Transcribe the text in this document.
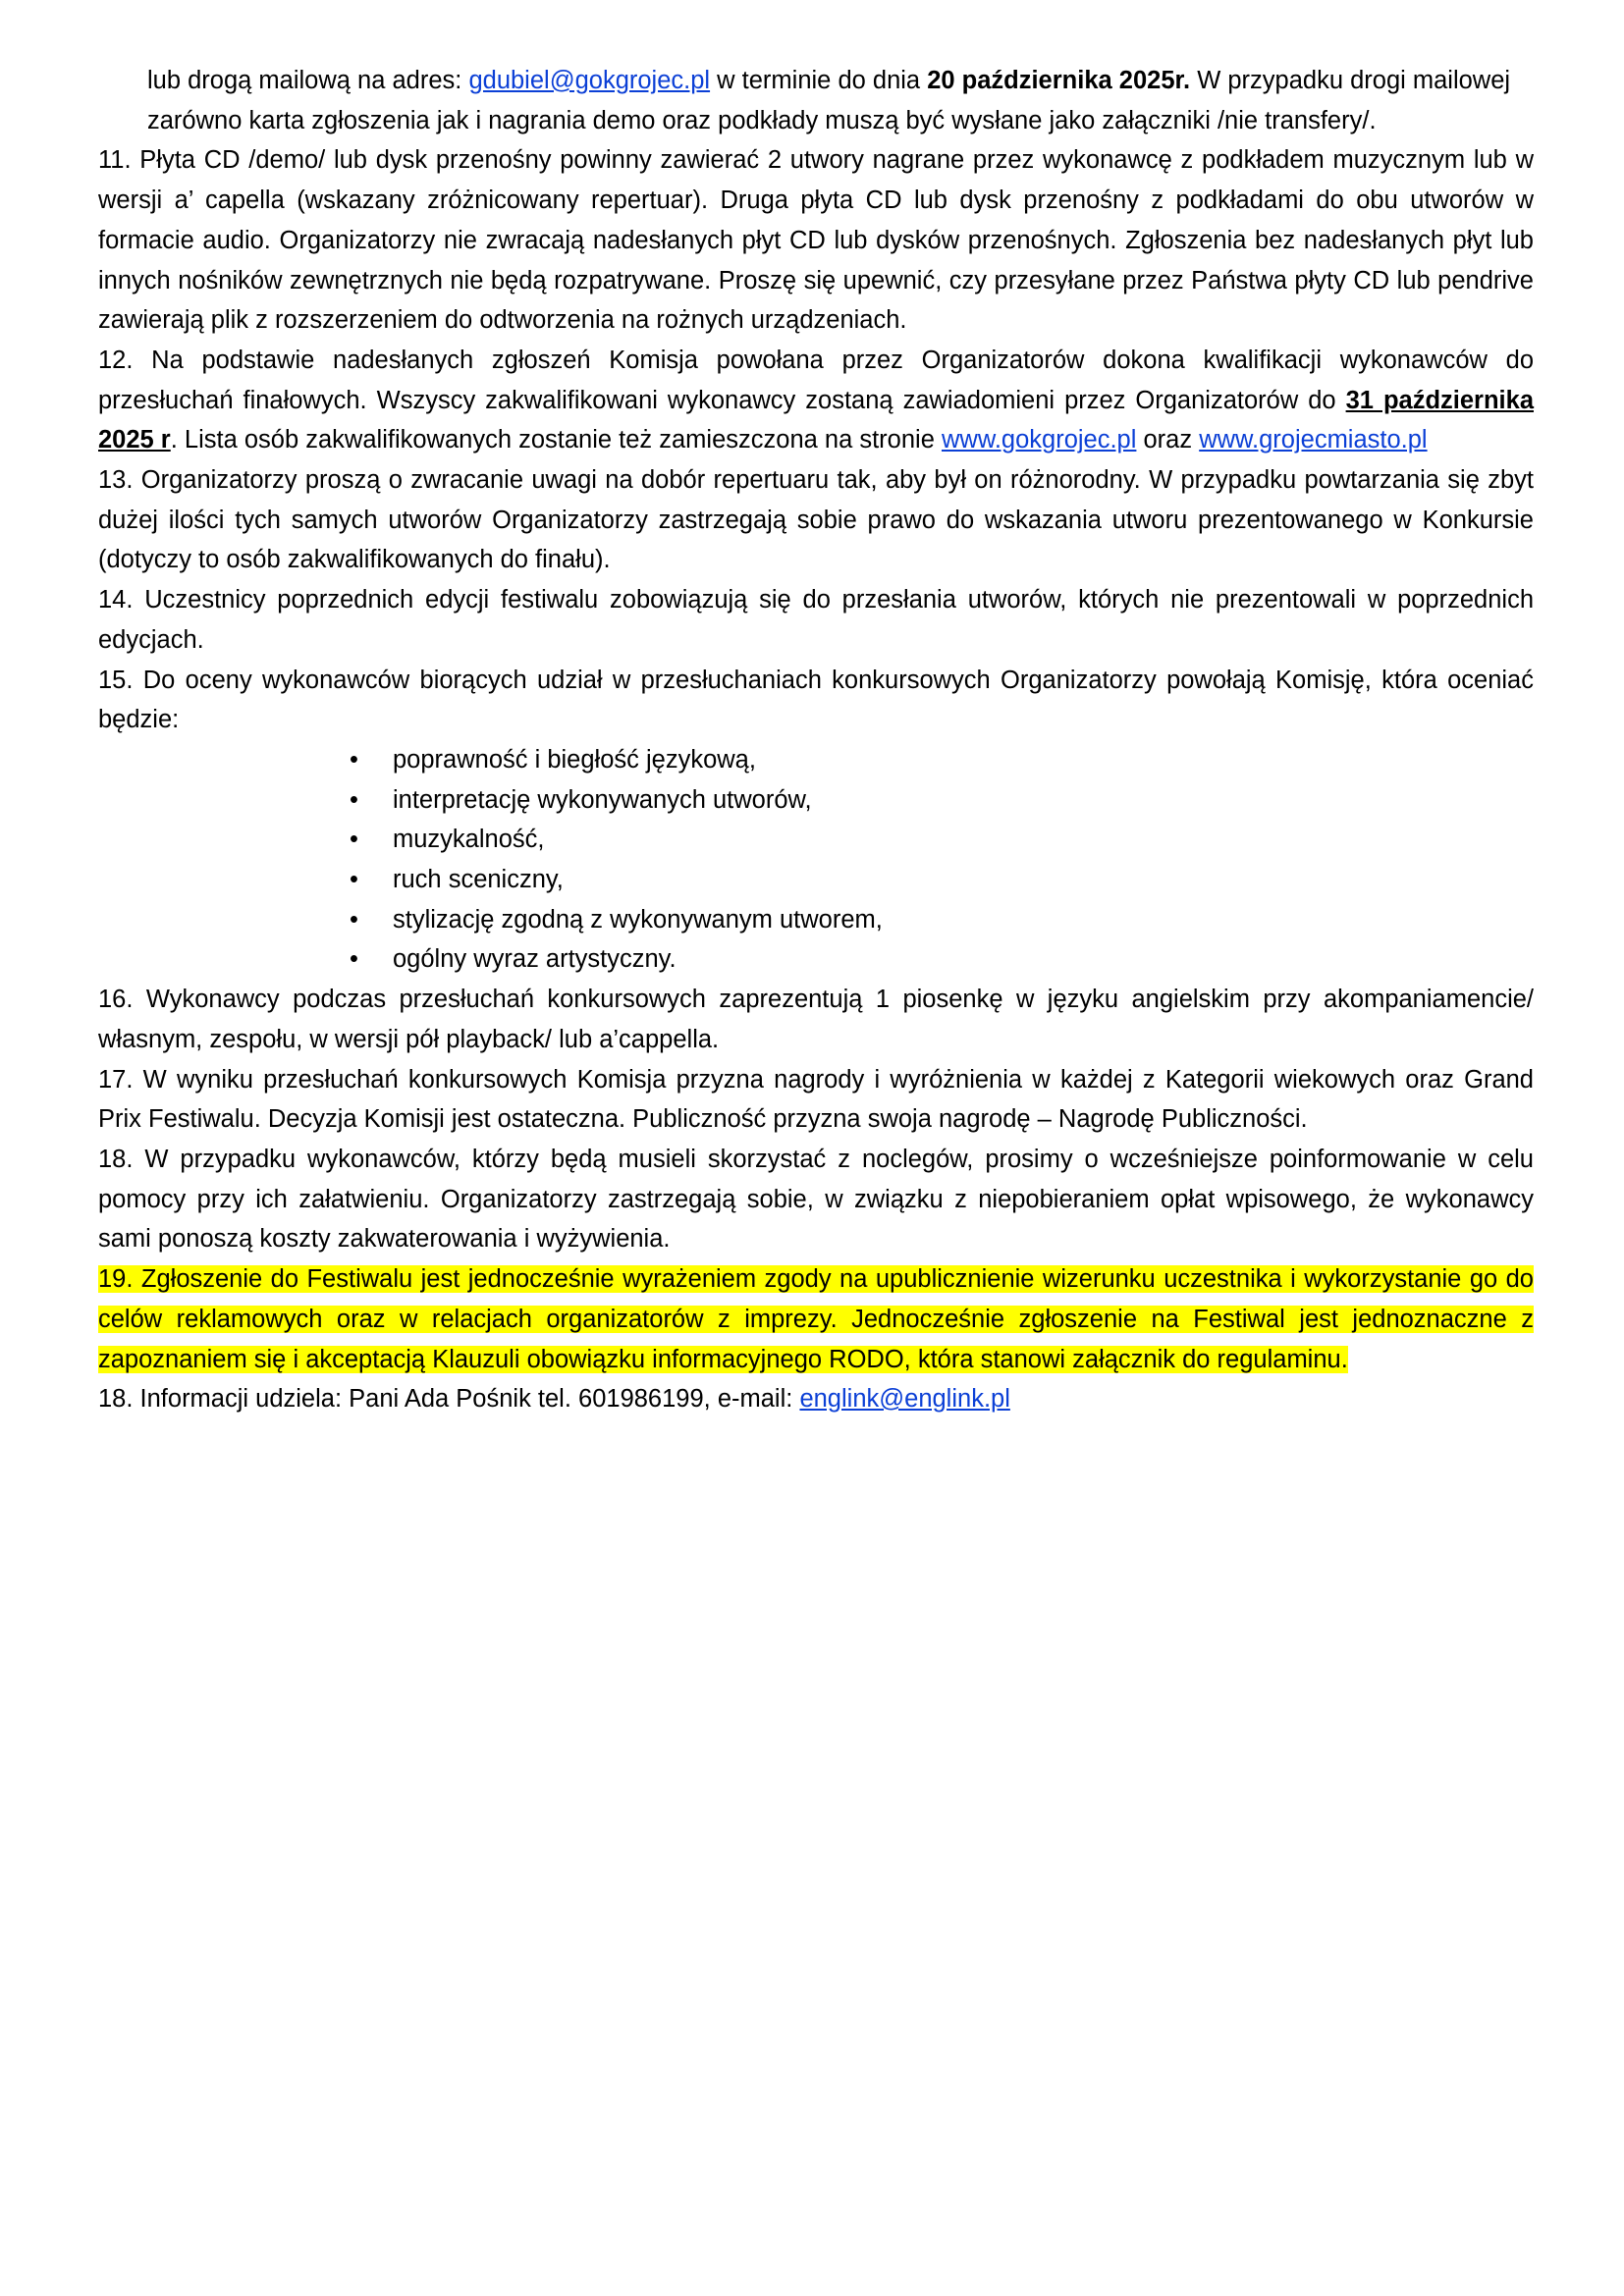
lub drogą mailową na adres: gdubiel@gokgrojec.pl w terminie do dnia 20 października 2025r. W przypadku drogi mailowej zarówno karta zgłoszenia jak i nagrania demo oraz podkłady muszą być wysłane jako załączniki /nie transfery/.

11. Płyta CD /demo/ lub dysk przenośny powinny zawierać 2 utwory nagrane przez wykonawcę z podkładem muzycznym lub w wersji a’ capella (wskazany zróżnicowany repertuar). Druga płyta CD lub dysk przenośny z podkładami do obu utworów w formacie audio. Organizatorzy nie zwracają nadesłanych płyt CD lub dysków przenośnych. Zgłoszenia bez nadesłanych płyt lub innych nośników zewnętrznych nie będą rozpatrywane. Proszę się upewnić, czy przesyłane przez Państwa płyty CD lub pendrive zawierają plik z rozszerzeniem do odtworzenia na rożnych urządzeniach.

12. Na podstawie nadesłanych zgłoszeń Komisja powołana przez Organizatorów dokona kwalifikacji wykonawców do przesłuchań finałowych. Wszyscy zakwalifikowani wykonawcy zostaną zawiadomieni przez Organizatorów do 31 października 2025 r. Lista osób zakwalifikowanych zostanie też zamieszczona na stronie www.gokgrojec.pl oraz www.grojecmiasto.pl

13. Organizatorzy proszą o zwracanie uwagi na dobór repertuaru tak, aby był on różnorodny. W przypadku powtarzania się zbyt dużej ilości tych samych utworów Organizatorzy zastrzegają sobie prawo do wskazania utworu prezentowanego w Konkursie (dotyczy to osób zakwalifikowanych do finału).

14. Uczestnicy poprzednich edycji festiwalu zobowiązują się do przesłania utworów, których nie prezentowali w poprzednich edycjach.

15. Do oceny wykonawców biorących udział w przesłuchaniach konkursowych Organizatorzy powołają Komisję, która oceniać będzie:

• poprawność i biegłość językową,
• interpretację wykonywanych utworów,
• muzykalność,
• ruch sceniczny,
• stylizację zgodną z wykonywanym utworem,
• ogólny wyraz artystyczny.

16. Wykonawcy podczas przesłuchań konkursowych zaprezentują 1 piosenkę w języku angielskim przy akompaniamencie/ własnym, zespołu, w wersji pół playback/ lub a’cappella.

17. W wyniku przesłuchań konkursowych Komisja przyzna nagrody i wyróżnienia w każdej z Kategorii wiekowych oraz Grand Prix Festiwalu. Decyzja Komisji jest ostateczna. Publiczność przyzna swoja nagrodę – Nagrodę Publiczności.

18. W przypadku wykonawców, którzy będą musieli skorzystać z noclegów, prosimy o wcześniejsze poinformowanie w celu pomocy przy ich załatwieniu. Organizatorzy zastrzegają sobie, w związku z niepobieraniem opłat wpisowego, że wykonawcy sami ponoszą koszty zakwaterowania i wyżywienia.

19. Zgłoszenie do Festiwalu jest jednocześnie wyrażeniem zgody na upublicznienie wizerunku uczestnika i wykorzystanie go do celów reklamowych oraz w relacjach organizatorów z imprezy. Jednocześnie zgłoszenie na Festiwal jest jednoznaczne z zapoznaniem się i akceptacją Klauzuli obowiązku informacyjnego RODO, która stanowi załącznik do regulaminu.

18. Informacji udziela: Pani Ada Pośnik tel. 601986199, e-mail: englink@englink.pl
